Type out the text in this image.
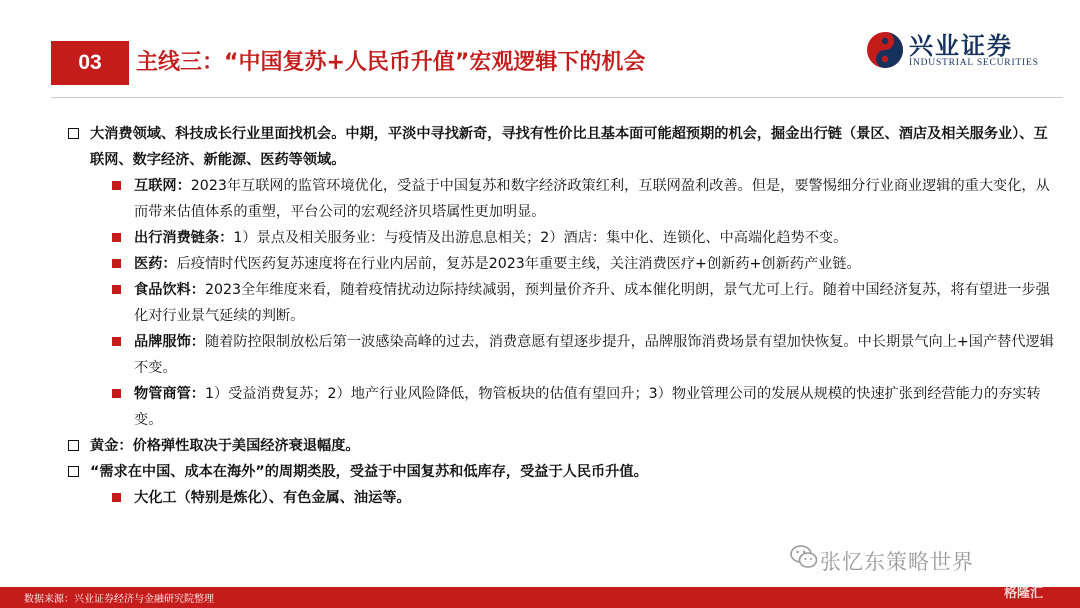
03 主线三：“中国复苏+人民币升值”宏观逻辑下的机会
兴业证券
INDUSTRIAL SECURITIES
大消费领域、科技成长行业里面找机会。中期，平淡中寻找新奇，寻找有性价比且基本面可能超预期的机会，掘金出行链（景区、酒店及相关服务业）、互联网、数字经济、新能源、医药等领域。
互联网：2023年互联网的监管环境优化，受益于中国复苏和数字经济政策红利，互联网盈利改善。但是，要警惕细分行业商业逻辑的重大变化，从而带来估值体系的重塑，平台公司的宏观经济贝塔属性更加明显。
出行消费链条：1）景点及相关服务业：与疫情及出游息息相关；2）酒店：集中化、连锁化、中高端化趋势不变。
医药：后疫情时代医药复苏速度将在行业内居前，复苏是2023年重要主线，关注消费医疗+创新药+创新药产业链。
食品饮料：2023全年维度来看，随着疫情扰动边际持续减弱，预判量价齐升、成本催化明朗，景气尤可上行。随着中国经济复苏，将有望进一步强化对行业景气延续的判断。
品牌服饰：随着防控限制放松后第一波感染高峰的过去，消费意愿有望逐步提升，品牌服饰消费场景有望加快恢复。中长期景气向上+国产替代逻辑不变。
物管商管：1）受益消费复苏；2）地产行业风险降低，物管板块的估值有望回升；3）物业管理公司的发展从规模的快速扩张到经营能力的夯实转变。
黄金：价格弹性取决于美国经济衰退幅度。
“需求在中国、成本在海外”的周期类股，受益于中国复苏和低库存，受益于人民币升值。
大化工（特别是炼化）、有色金属、油运等。
张忆东策略世界
数据来源：兴业证券经济与金融研究院整理	格隆汇
